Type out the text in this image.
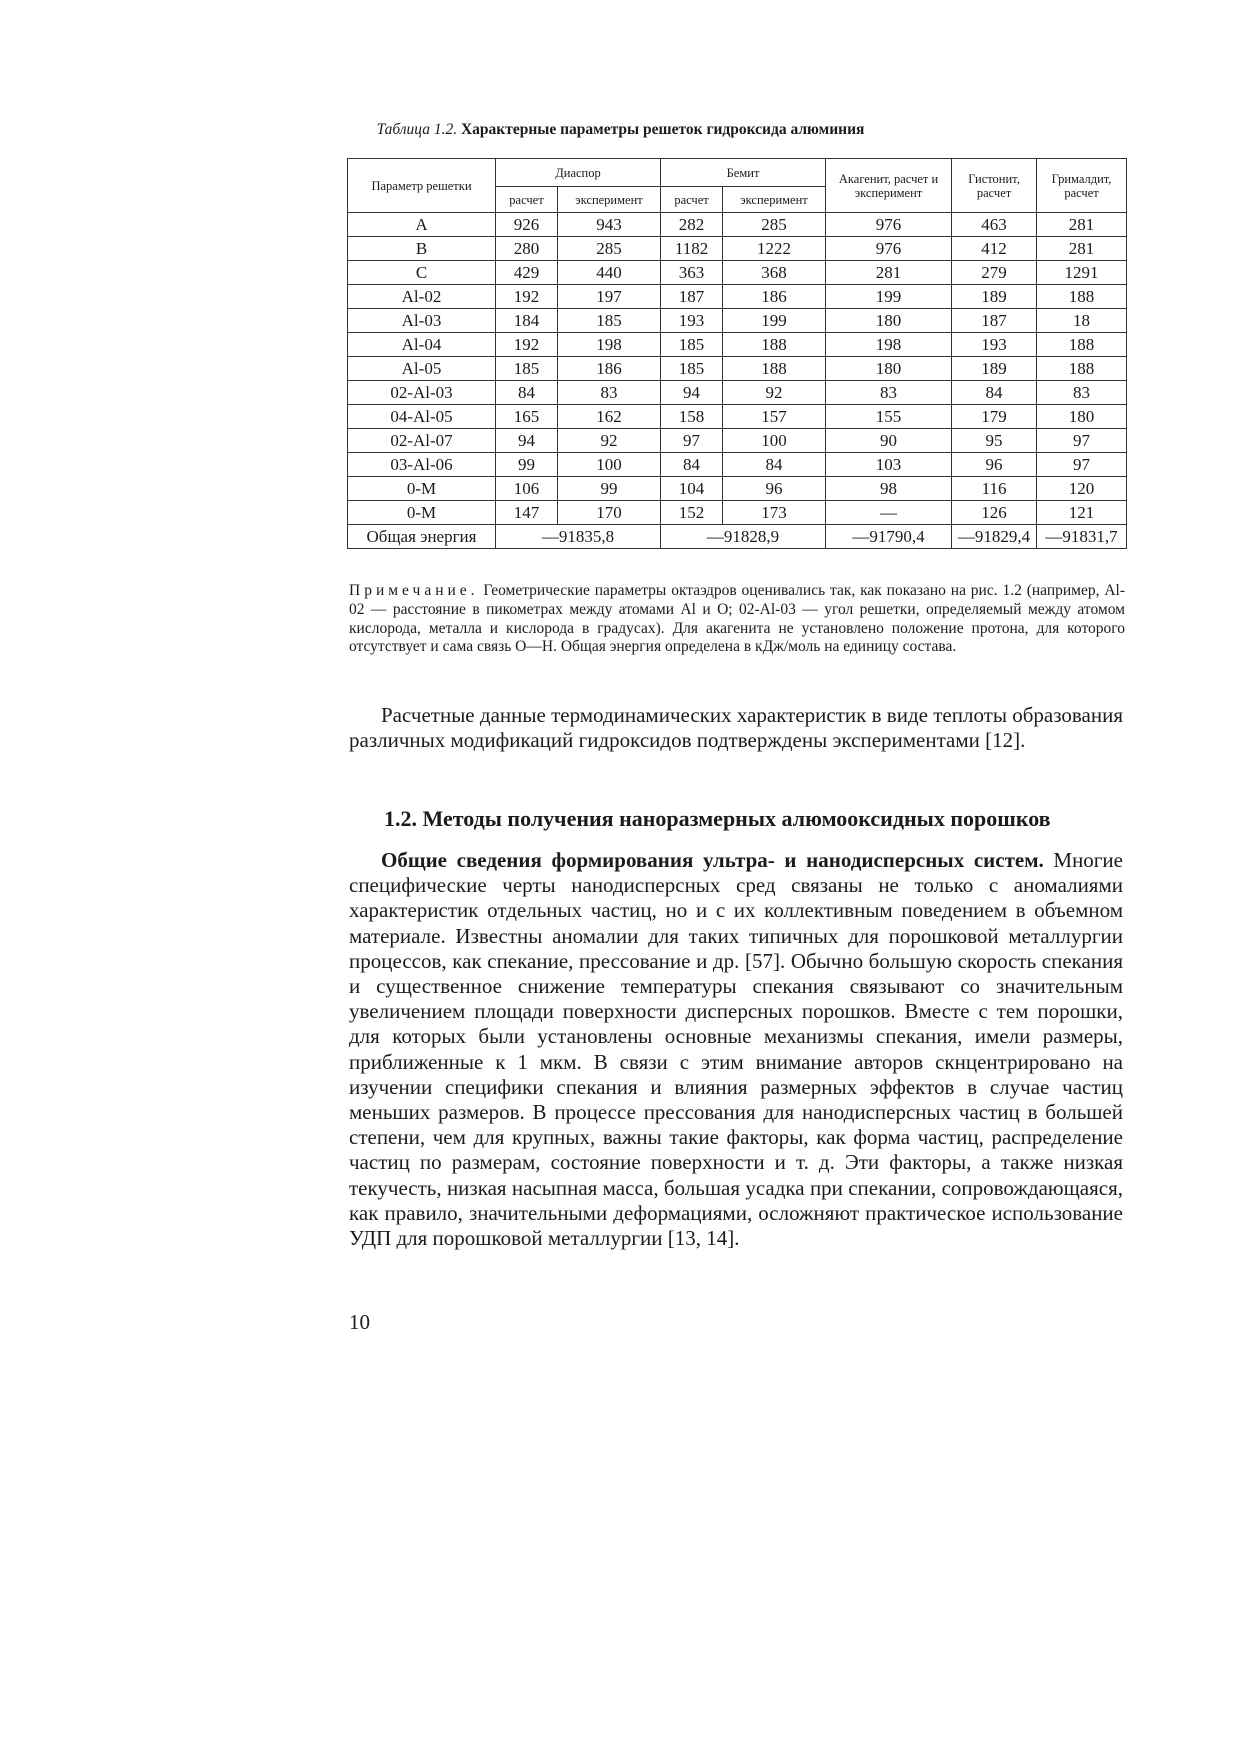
Таблица 1.2. Характерные параметры решеток гидроксида алюминия
Параметр решетки	Диаспор		Бемит		Акагенит, расчет и эксперимент	Гистонит, расчет	Грималдит, расчет
	расчет	эксперимент	расчет	эксперимент			
A	926	943	282	285	976	463	281
B	280	285	1182	1222	976	412	281
C	429	440	363	368	281	279	1291
Al-02	192	197	187	186	199	189	188
Al-03	184	185	193	199	180	187	18
Al-04	192	198	185	188	198	193	188
Al-05	185	186	185	188	180	189	188
02-Al-03	84	83	94	92	83	84	83
04-Al-05	165	162	158	157	155	179	180
02-Al-07	94	92	97	100	90	95	97
03-Al-06	99	100	84	84	103	96	97
0-M	106	99	104	96	98	116	120
0-M	147	170	152	173	—	126	121
Общая энергия	—91835,8		—91828,9		—91790,4	—91829,4	—91831,7
Примечание. Геометрические параметры октаэдров оценивались так, как показано на рис. 1.2 (например, Al-02 — расстояние в пикометрах между атомами Al и O; 02-Al-03 — угол решетки, определяемый между атомом кислорода, металла и кислорода в градусах). Для акагенита не установлено положение протона, для которого отсутствует и сама связь O—H. Общая энергия определена в кДж/моль на единицу состава.

Расчетные данные термодинамических характеристик в виде теплоты образования различных модификаций гидроксидов подтверждены экспериментами [12].

1.2. Методы получения наноразмерных алюмооксидных порошков

Общие сведения формирования ультра- и нанодисперсных систем. Многие специфические черты нанодисперсных сред связаны не только с аномалиями характеристик отдельных частиц, но и с их коллективным поведением в объемном материале. Известны аномалии для таких типичных для порошковой металлургии процессов, как спекание, прессование и др. [57]. Обычно большую скорость спекания и существенное снижение температуры спекания связывают со значительным увеличением площади поверхности дисперсных порошков. Вместе с тем порошки, для которых были установлены основные механизмы спекания, имели размеры, приближенные к 1 мкм. В связи с этим внимание авторов скнцентрировано на изучении специфики спекания и влияния размерных эффектов в случае частиц меньших размеров. В процессе прессования для нанодисперсных частиц в большей степени, чем для крупных, важны такие факторы, как форма частиц, распределение частиц по размерам, состояние поверхности и т. д. Эти факторы, а также низкая текучесть, низкая насыпная масса, большая усадка при спекании, сопровождающаяся, как правило, значительными деформациями, осложняют практическое использование УДП для порошковой металлургии [13, 14].

10
